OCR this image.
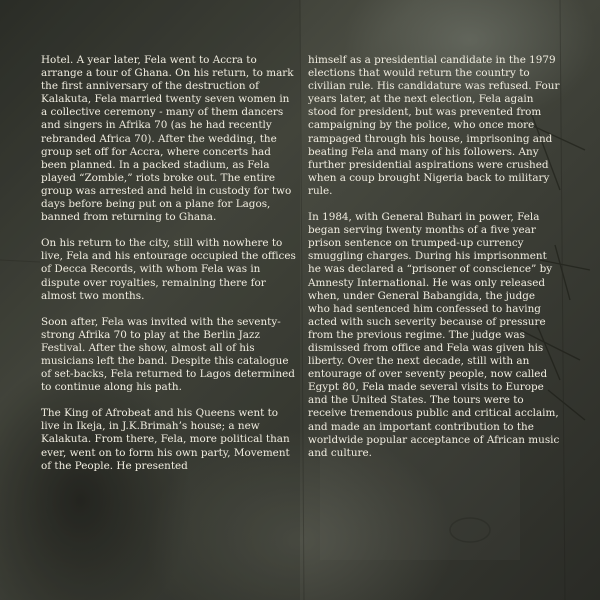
Hotel. A year later, Fela went to Accra to arrange a tour of Ghana. On his return, to mark the first anniversary of the destruction of Kalakuta, Fela married twenty seven women in a collective ceremony - many of them dancers and singers in Afrika 70 (as he had recently rebranded Africa 70). After the wedding, the group set off for Accra, where concerts had been planned. In a packed stadium, as Fela played “Zombie,” riots broke out. The entire group was arrested and held in custody for two days before being put on a plane for Lagos, banned from returning to Ghana.

On his return to the city, still with nowhere to live, Fela and his entourage occupied the offices of Decca Records, with whom Fela was in dispute over royalties, remaining there for almost two months.

Soon after, Fela was invited with the seventy-strong Afrika 70 to play at the Berlin Jazz Festival. After the show, almost all of his musicians left the band. Despite this catalogue of set-backs, Fela returned to Lagos determined to continue along his path.

The King of Afrobeat and his Queens went to live in Ikeja, in J.K.Brimah’s house; a new Kalakuta. From there, Fela, more political than ever, went on to form his own party, Movement of the People. He presented

himself as a presidential candidate in the 1979 elections that would return the country to civilian rule. His candidature was refused. Four years later, at the next election, Fela again stood for president, but was prevented from campaigning by the police, who once more rampaged through his house, imprisoning and beating Fela and many of his followers. Any further presidential aspirations were crushed when a coup brought Nigeria back to military rule.

In 1984, with General Buhari in power, Fela began serving twenty months of a five year prison sentence on trumped-up currency smuggling charges. During his imprisonment he was declared a “prisoner of conscience” by Amnesty International. He was only released when, under General Babangida, the judge who had sentenced him confessed to having acted with such severity because of pressure from the previous regime. The judge was dismissed from office and Fela was given his liberty. Over the next decade, still with an entourage of over seventy people, now called Egypt 80, Fela made several visits to Europe and the United States. The tours were to receive tremendous public and critical acclaim, and made an important contribution to the worldwide popular acceptance of African music and culture.
